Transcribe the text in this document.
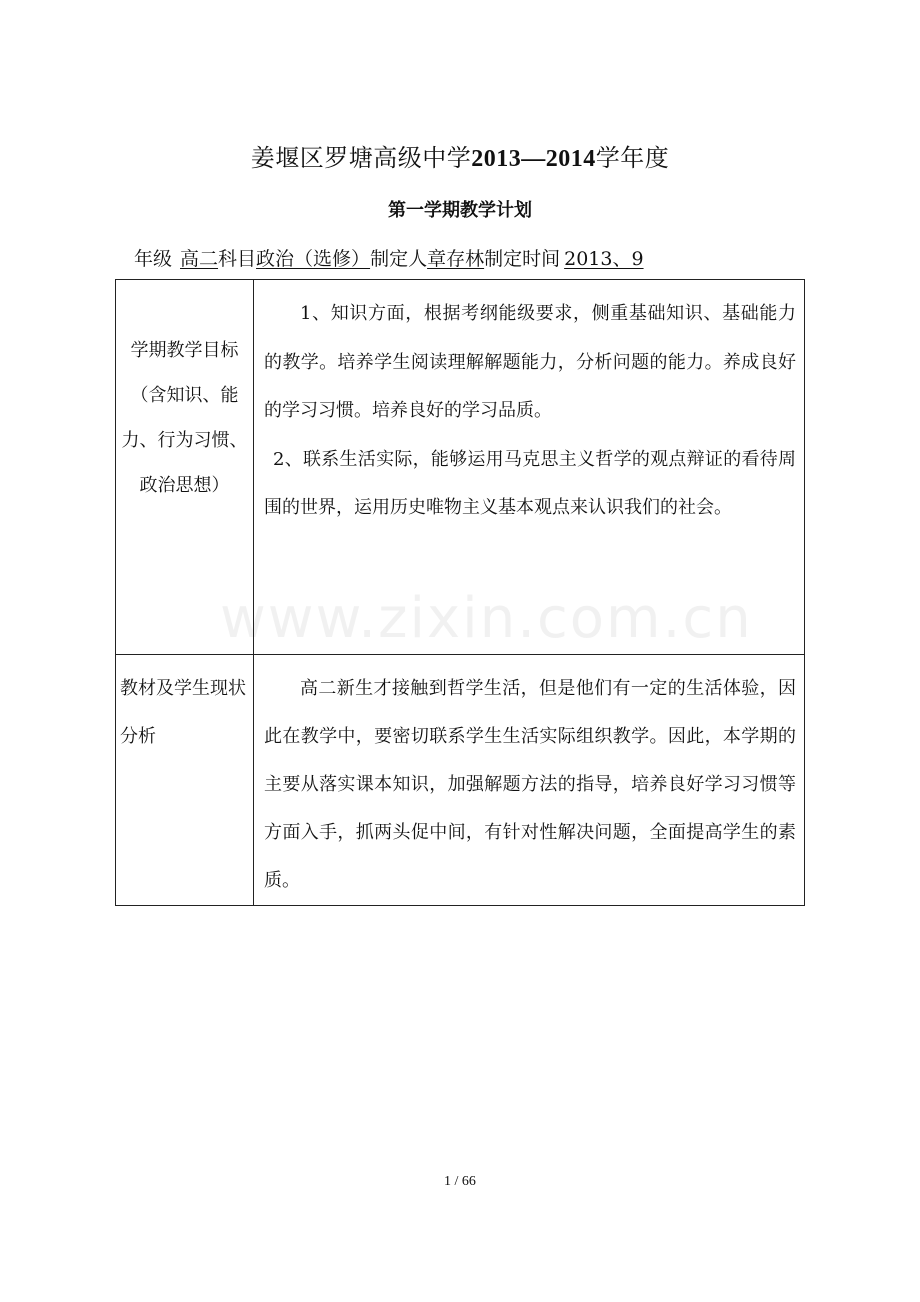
姜堰区罗塘高级中学2013—2014学年度
第一学期教学计划
年级 高二科目政治（选修）制定人章存林制定时间 2013、9
www.zixin.com.cn
学期教学目标（含知识、能力、行为习惯、政治思想）	1、知识方面，根据考纲能级要求，侧重基础知识、基础能力的教学。培养学生阅读理解解题能力，分析问题的能力。养成良好的学习习惯。培养良好的学习品质。
2、联系生活实际，能够运用马克思主义哲学的观点辩证的看待周围的世界，运用历史唯物主义基本观点来认识我们的社会。

教材及学生现状分析	高二新生才接触到哲学生活，但是他们有一定的生活体验，因此在教学中，要密切联系学生生活实际组织教学。因此，本学期的主要从落实课本知识，加强解题方法的指导，培养良好学习习惯等方面入手，抓两头促中间，有针对性解决问题，全面提高学生的素质。
1 / 66
